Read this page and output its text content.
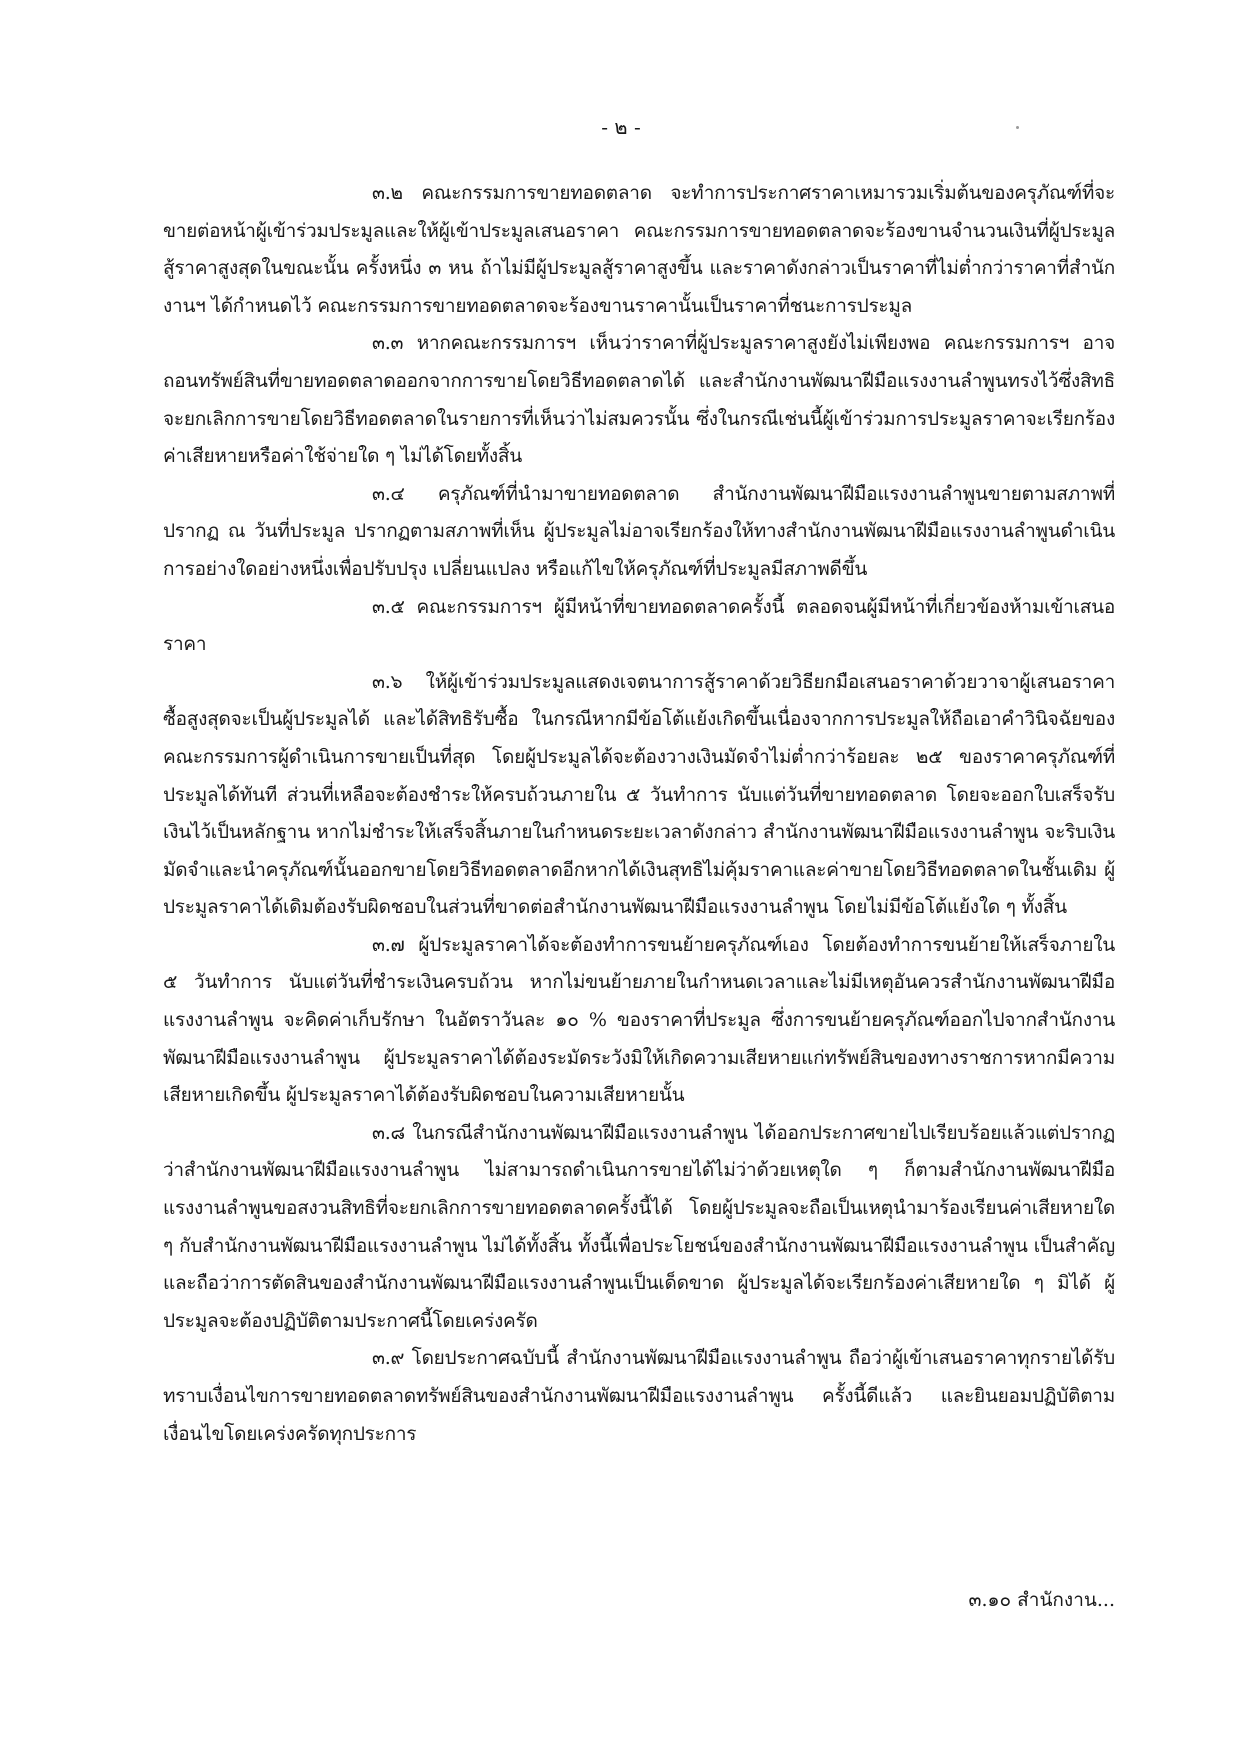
- ๒ -

๓.๒ คณะกรรมการขายทอดตลาด จะทำการประกาศราคาเหมารวมเริ่มต้นของครุภัณฑ์ที่จะขายต่อหน้าผู้เข้าร่วมประมูลและให้ผู้เข้าประมูลเสนอราคา คณะกรรมการขายทอดตลาดจะร้องขานจำนวนเงินที่ผู้ประมูลสู้ราคาสูงสุดในขณะนั้น ครั้งหนึ่ง ๓ หน ถ้าไม่มีผู้ประมูลสู้ราคาสูงขึ้น และราคาดังกล่าวเป็นราคาที่ไม่ต่ำกว่าราคาที่สำนักงานฯ ได้กำหนดไว้ คณะกรรมการขายทอดตลาดจะร้องขานราคานั้นเป็นราคาที่ชนะการประมูล

๓.๓ หากคณะกรรมการฯ เห็นว่าราคาที่ผู้ประมูลราคาสูงยังไม่เพียงพอ คณะกรรมการฯ อาจถอนทรัพย์สินที่ขายทอดตลาดออกจากการขายโดยวิธีทอดตลาดได้ และสำนักงานพัฒนาฝีมือแรงงานลำพูนทรงไว้ซึ่งสิทธิ จะยกเลิกการขายโดยวิธีทอดตลาดในรายการที่เห็นว่าไม่สมควรนั้น ซึ่งในกรณีเช่นนี้ผู้เข้าร่วมการประมูลราคาจะเรียกร้องค่าเสียหายหรือค่าใช้จ่ายใด ๆ ไม่ได้โดยทั้งสิ้น

๓.๔ ครุภัณฑ์ที่นำมาขายทอดตลาด สำนักงานพัฒนาฝีมือแรงงานลำพูนขายตามสภาพที่ปรากฏ ณ วันที่ประมูล ปรากฏตามสภาพที่เห็น ผู้ประมูลไม่อาจเรียกร้องให้ทางสำนักงานพัฒนาฝีมือแรงงานลำพูนดำเนินการอย่างใดอย่างหนึ่งเพื่อปรับปรุง เปลี่ยนแปลง หรือแก้ไขให้ครุภัณฑ์ที่ประมูลมีสภาพดีขึ้น

๓.๕ คณะกรรมการฯ ผู้มีหน้าที่ขายทอดตลาดครั้งนี้ ตลอดจนผู้มีหน้าที่เกี่ยวข้องห้ามเข้าเสนอราคา

๓.๖ ให้ผู้เข้าร่วมประมูลแสดงเจตนาการสู้ราคาด้วยวิธียกมือเสนอราคาด้วยวาจาผู้เสนอราคาซื้อสูงสุดจะเป็นผู้ประมูลได้ และได้สิทธิรับซื้อ ในกรณีหากมีข้อโต้แย้งเกิดขึ้นเนื่องจากการประมูลให้ถือเอาคำวินิจฉัยของคณะกรรมการผู้ดำเนินการขายเป็นที่สุด โดยผู้ประมูลได้จะต้องวางเงินมัดจำไม่ต่ำกว่าร้อยละ ๒๕ ของราคาครุภัณฑ์ที่ประมูลได้ทันที ส่วนที่เหลือจะต้องชำระให้ครบถ้วนภายใน ๕ วันทำการ นับแต่วันที่ขายทอดตลาด โดยจะออกใบเสร็จรับเงินไว้เป็นหลักฐาน หากไม่ชำระให้เสร็จสิ้นภายในกำหนดระยะเวลาดังกล่าว สำนักงานพัฒนาฝีมือแรงงานลำพูน จะริบเงินมัดจำและนำครุภัณฑ์นั้นออกขายโดยวิธีทอดตลาดอีกหากได้เงินสุทธิไม่คุ้มราคาและค่าขายโดยวิธีทอดตลาดในชั้นเดิม ผู้ประมูลราคาได้เดิมต้องรับผิดชอบในส่วนที่ขาดต่อสำนักงานพัฒนาฝีมือแรงงานลำพูน โดยไม่มีข้อโต้แย้งใด ๆ ทั้งสิ้น

๓.๗ ผู้ประมูลราคาได้จะต้องทำการขนย้ายครุภัณฑ์เอง โดยต้องทำการขนย้ายให้เสร็จภายใน ๕ วันทำการ นับแต่วันที่ชำระเงินครบถ้วน หากไม่ขนย้ายภายในกำหนดเวลาและไม่มีเหตุอันควรสำนักงานพัฒนาฝีมือแรงงานลำพูน จะคิดค่าเก็บรักษา ในอัตราวันละ ๑๐ % ของราคาที่ประมูล ซึ่งการขนย้ายครุภัณฑ์ออกไปจากสำนักงานพัฒนาฝีมือแรงงานลำพูน ผู้ประมูลราคาได้ต้องระมัดระวังมิให้เกิดความเสียหายแก่ทรัพย์สินของทางราชการหากมีความเสียหายเกิดขึ้น ผู้ประมูลราคาได้ต้องรับผิดชอบในความเสียหายนั้น

๓.๘ ในกรณีสำนักงานพัฒนาฝีมือแรงงานลำพูน ได้ออกประกาศขายไปเรียบร้อยแล้วแต่ปรากฏว่าสำนักงานพัฒนาฝีมือแรงงานลำพูน ไม่สามารถดำเนินการขายได้ไม่ว่าด้วยเหตุใด ๆ ก็ตามสำนักงานพัฒนาฝีมือแรงงานลำพูนขอสงวนสิทธิที่จะยกเลิกการขายทอดตลาดครั้งนี้ได้ โดยผู้ประมูลจะถือเป็นเหตุนำมาร้องเรียนค่าเสียหายใด ๆ กับสำนักงานพัฒนาฝีมือแรงงานลำพูน ไม่ได้ทั้งสิ้น ทั้งนี้เพื่อประโยชน์ของสำนักงานพัฒนาฝีมือแรงงานลำพูน เป็นสำคัญและถือว่าการตัดสินของสำนักงานพัฒนาฝีมือแรงงานลำพูนเป็นเด็ดขาด ผู้ประมูลได้จะเรียกร้องค่าเสียหายใด ๆ มิได้ ผู้ประมูลจะต้องปฏิบัติตามประกาศนี้โดยเคร่งครัด

๓.๙ โดยประกาศฉบับนี้ สำนักงานพัฒนาฝีมือแรงงานลำพูน ถือว่าผู้เข้าเสนอราคาทุกรายได้รับทราบเงื่อนไขการขายทอดตลาดทรัพย์สินของสำนักงานพัฒนาฝีมือแรงงานลำพูน ครั้งนี้ดีแล้ว และยินยอมปฏิบัติตามเงื่อนไขโดยเคร่งครัดทุกประการ

๓.๑๐ สำนักงาน...
